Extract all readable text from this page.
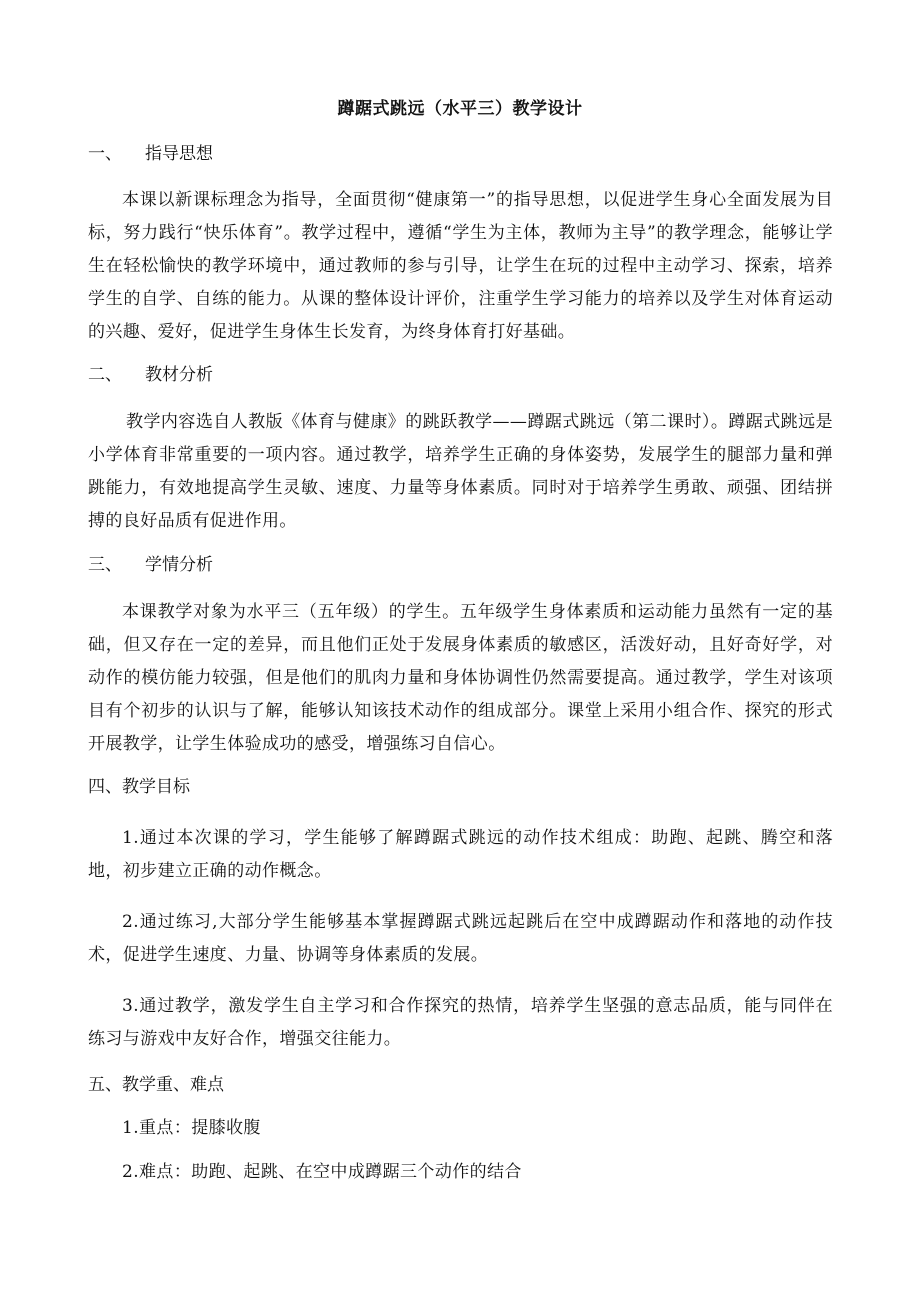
蹲踞式跳远（水平三）教学设计
一、 指导思想
本课以新课标理念为指导，全面贯彻“健康第一”的指导思想，以促进学生身心全面发展为目标，努力践行“快乐体育”。教学过程中，遵循“学生为主体，教师为主导”的教学理念，能够让学生在轻松愉快的教学环境中，通过教师的参与引导，让学生在玩的过程中主动学习、探索，培养学生的自学、自练的能力。从课的整体设计评价，注重学生学习能力的培养以及学生对体育运动的兴趣、爱好，促进学生身体生长发育，为终身体育打好基础。
二、 教材分析
教学内容选自人教版《体育与健康》的跳跃教学——蹲踞式跳远（第二课时）。蹲踞式跳远是小学体育非常重要的一项内容。通过教学，培养学生正确的身体姿势，发展学生的腿部力量和弹跳能力，有效地提高学生灵敏、速度、力量等身体素质。同时对于培养学生勇敢、顽强、团结拼搏的良好品质有促进作用。
三、 学情分析
本课教学对象为水平三（五年级）的学生。五年级学生身体素质和运动能力虽然有一定的基础，但又存在一定的差异，而且他们正处于发展身体素质的敏感区，活泼好动，且好奇好学，对动作的模仿能力较强，但是他们的肌肉力量和身体协调性仍然需要提高。通过教学，学生对该项目有个初步的认识与了解，能够认知该技术动作的组成部分。课堂上采用小组合作、探究的形式开展教学，让学生体验成功的感受，增强练习自信心。
四、教学目标
1.通过本次课的学习，学生能够了解蹲踞式跳远的动作技术组成：助跑、起跳、腾空和落地，初步建立正确的动作概念。
2.通过练习,大部分学生能够基本掌握蹲踞式跳远起跳后在空中成蹲踞动作和落地的动作技术，促进学生速度、力量、协调等身体素质的发展。
3.通过教学，激发学生自主学习和合作探究的热情，培养学生坚强的意志品质，能与同伴在练习与游戏中友好合作，增强交往能力。
五、教学重、难点
1.重点：提膝收腹
2.难点：助跑、起跳、在空中成蹲踞三个动作的结合
